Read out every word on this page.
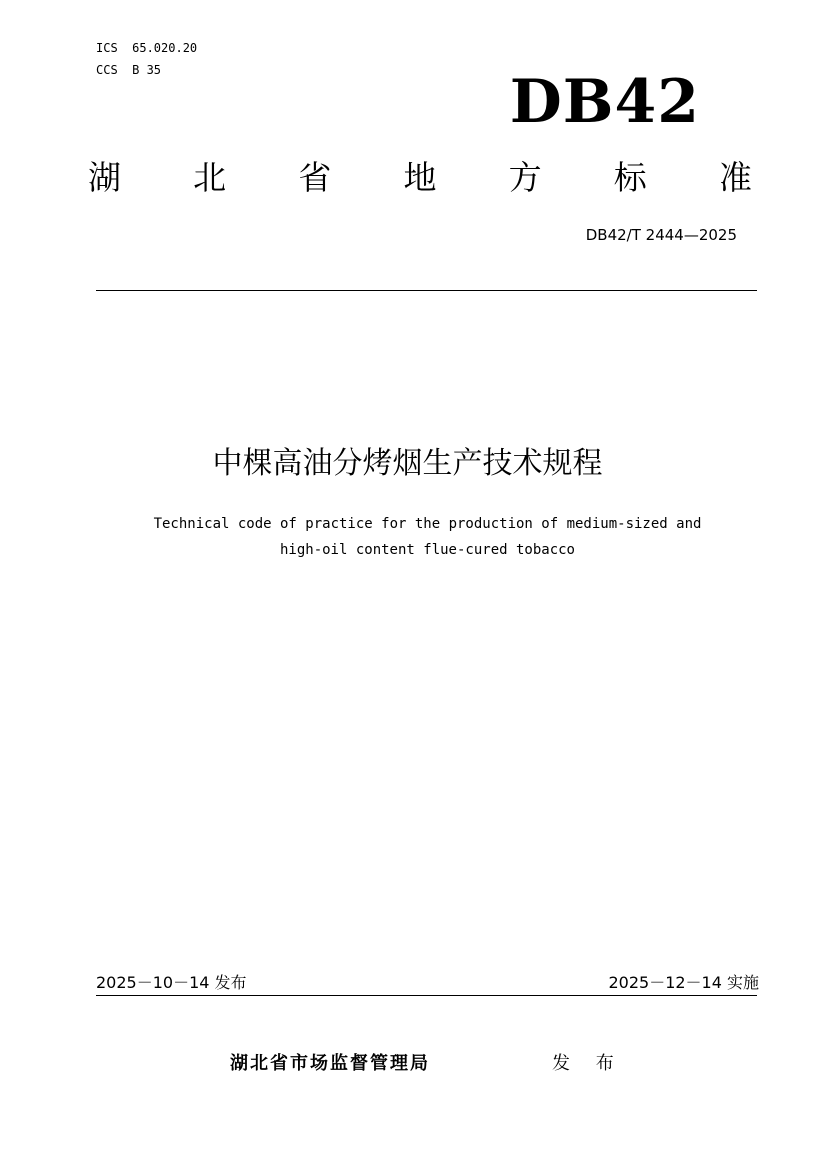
ICS  65.020.20
CCS  B 35	DB42
湖 北 省 地 方 标 准
DB42/T 2444—2025
中棵高油分烤烟生产技术规程
Technical code of practice for the production of medium-sized and
high-oil content flue-cured tobacco
2025－10－14 发布	2025－12－14 实施
湖北省市场监督管理局	发 布
